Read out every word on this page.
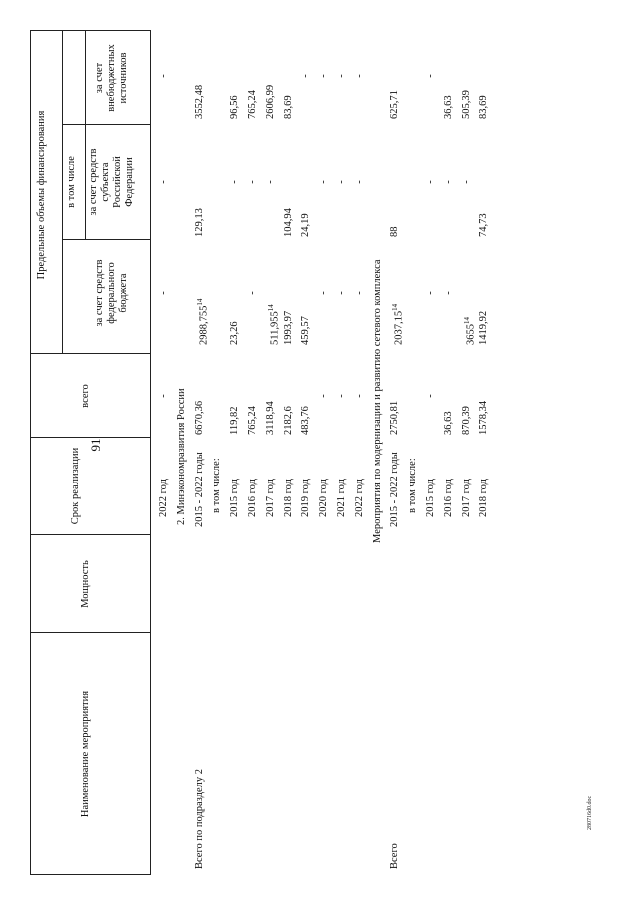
91
Наименование мероприятия
Мощность
Срок реализации
всего
Предельные объемы финансирования в том числе
за счет средств федерального бюджета
за счет средств субъекта Российской Федерации
за счет внебюджетных источников
2022 год
-
-
-
-
2. Минэкономразвития России
Всего по подразделу 2
2015 - 2022 годы
6670,36
2988,755$^{14}$
129,13
3552,48
в том числе: 2015 год
119,82
23,26
-
96,56
2016 год
765,24
-
-
765,24
2017 год
3118,94
511,955$^{14}$
-
2606,99
2018 год
2182,6
1993,97
104,94
83,69
2019 год
483,76
459,57
24,19
-
2020 год
-
-
-
-
2021 год
-
-
-
-
2022 год
-
-
-
-
Мероприятия по модернизации и развитию сетевого комплекса
Всего
2015 - 2022 годы
2750,81
2037,15$^{14}$
88
625,71
в том числе: 2015 год
-
-
-
-
2016 год
36,63
-
-
36,63
2017 год
870,39
3655$^{14}$
-
505,39
2018 год
1578,34
1419,92
74,73
83,69
280716d0.doc
